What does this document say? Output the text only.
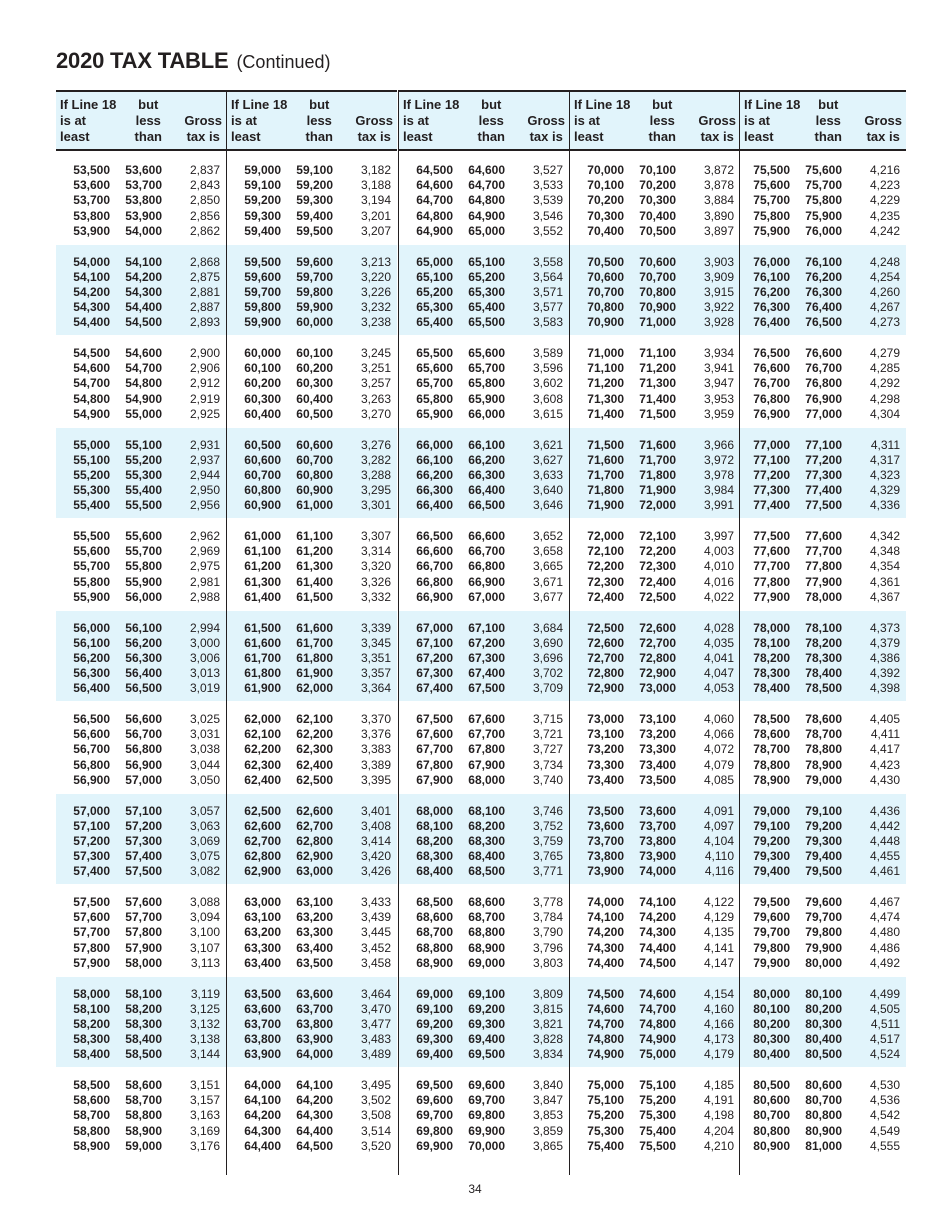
2020 TAX TABLE (Continued)
If Line 18
is at
least
but
less
than
Gross
tax is
53,500 53,600 2,837
53,600 53,700 2,843
53,700 53,800 2,850
53,800 53,900 2,856
53,900 54,000 2,862
54,000 54,100 2,868
54,100 54,200 2,875
54,200 54,300 2,881
54,300 54,400 2,887
54,400 54,500 2,893
54,500 54,600 2,900
54,600 54,700 2,906
54,700 54,800 2,912
54,800 54,900 2,919
54,900 55,000 2,925
55,000 55,100 2,931
55,100 55,200 2,937
55,200 55,300 2,944
55,300 55,400 2,950
55,400 55,500 2,956
55,500 55,600 2,962
55,600 55,700 2,969
55,700 55,800 2,975
55,800 55,900 2,981
55,900 56,000 2,988
56,000 56,100 2,994
56,100 56,200 3,000
56,200 56,300 3,006
56,300 56,400 3,013
56,400 56,500 3,019
56,500 56,600 3,025
56,600 56,700 3,031
56,700 56,800 3,038
56,800 56,900 3,044
56,900 57,000 3,050
57,000 57,100 3,057
57,100 57,200 3,063
57,200 57,300 3,069
57,300 57,400 3,075
57,400 57,500 3,082
57,500 57,600 3,088
57,600 57,700 3,094
57,700 57,800 3,100
57,800 57,900 3,107
57,900 58,000 3,113
58,000 58,100 3,119
58,100 58,200 3,125
58,200 58,300 3,132
58,300 58,400 3,138
58,400 58,500 3,144
58,500 58,600 3,151
58,600 58,700 3,157
58,700 58,800 3,163
58,800 58,900 3,169
58,900 59,000 3,176
If Line 18
is at
least
but
less
than
Gross
tax is
59,000 59,100 3,182
59,100 59,200 3,188
59,200 59,300 3,194
59,300 59,400 3,201
59,400 59,500 3,207
59,500 59,600 3,213
59,600 59,700 3,220
59,700 59,800 3,226
59,800 59,900 3,232
59,900 60,000 3,238
60,000 60,100 3,245
60,100 60,200 3,251
60,200 60,300 3,257
60,300 60,400 3,263
60,400 60,500 3,270
60,500 60,600 3,276
60,600 60,700 3,282
60,700 60,800 3,288
60,800 60,900 3,295
60,900 61,000 3,301
61,000 61,100 3,307
61,100 61,200 3,314
61,200 61,300 3,320
61,300 61,400 3,326
61,400 61,500 3,332
61,500 61,600 3,339
61,600 61,700 3,345
61,700 61,800 3,351
61,800 61,900 3,357
61,900 62,000 3,364
62,000 62,100 3,370
62,100 62,200 3,376
62,200 62,300 3,383
62,300 62,400 3,389
62,400 62,500 3,395
62,500 62,600 3,401
62,600 62,700 3,408
62,700 62,800 3,414
62,800 62,900 3,420
62,900 63,000 3,426
63,000 63,100 3,433
63,100 63,200 3,439
63,200 63,300 3,445
63,300 63,400 3,452
63,400 63,500 3,458
63,500 63,600 3,464
63,600 63,700 3,470
63,700 63,800 3,477
63,800 63,900 3,483
63,900 64,000 3,489
64,000 64,100 3,495
64,100 64,200 3,502
64,200 64,300 3,508
64,300 64,400 3,514
64,400 64,500 3,520
If Line 18
is at
least
but
less
than
Gross
tax is
64,500 64,600 3,527
64,600 64,700 3,533
64,700 64,800 3,539
64,800 64,900 3,546
64,900 65,000 3,552
65,000 65,100 3,558
65,100 65,200 3,564
65,200 65,300 3,571
65,300 65,400 3,577
65,400 65,500 3,583
65,500 65,600 3,589
65,600 65,700 3,596
65,700 65,800 3,602
65,800 65,900 3,608
65,900 66,000 3,615
66,000 66,100 3,621
66,100 66,200 3,627
66,200 66,300 3,633
66,300 66,400 3,640
66,400 66,500 3,646
66,500 66,600 3,652
66,600 66,700 3,658
66,700 66,800 3,665
66,800 66,900 3,671
66,900 67,000 3,677
67,000 67,100 3,684
67,100 67,200 3,690
67,200 67,300 3,696
67,300 67,400 3,702
67,400 67,500 3,709
67,500 67,600 3,715
67,600 67,700 3,721
67,700 67,800 3,727
67,800 67,900 3,734
67,900 68,000 3,740
68,000 68,100 3,746
68,100 68,200 3,752
68,200 68,300 3,759
68,300 68,400 3,765
68,400 68,500 3,771
68,500 68,600 3,778
68,600 68,700 3,784
68,700 68,800 3,790
68,800 68,900 3,796
68,900 69,000 3,803
69,000 69,100 3,809
69,100 69,200 3,815
69,200 69,300 3,821
69,300 69,400 3,828
69,400 69,500 3,834
69,500 69,600 3,840
69,600 69,700 3,847
69,700 69,800 3,853
69,800 69,900 3,859
69,900 70,000 3,865
If Line 18
is at
least
but
less
than
Gross
tax is
70,000 70,100 3,872
70,100 70,200 3,878
70,200 70,300 3,884
70,300 70,400 3,890
70,400 70,500 3,897
70,500 70,600 3,903
70,600 70,700 3,909
70,700 70,800 3,915
70,800 70,900 3,922
70,900 71,000 3,928
71,000 71,100 3,934
71,100 71,200 3,941
71,200 71,300 3,947
71,300 71,400 3,953
71,400 71,500 3,959
71,500 71,600 3,966
71,600 71,700 3,972
71,700 71,800 3,978
71,800 71,900 3,984
71,900 72,000 3,991
72,000 72,100 3,997
72,100 72,200 4,003
72,200 72,300 4,010
72,300 72,400 4,016
72,400 72,500 4,022
72,500 72,600 4,028
72,600 72,700 4,035
72,700 72,800 4,041
72,800 72,900 4,047
72,900 73,000 4,053
73,000 73,100 4,060
73,100 73,200 4,066
73,200 73,300 4,072
73,300 73,400 4,079
73,400 73,500 4,085
73,500 73,600 4,091
73,600 73,700 4,097
73,700 73,800 4,104
73,800 73,900 4,110
73,900 74,000 4,116
74,000 74,100 4,122
74,100 74,200 4,129
74,200 74,300 4,135
74,300 74,400 4,141
74,400 74,500 4,147
74,500 74,600 4,154
74,600 74,700 4,160
74,700 74,800 4,166
74,800 74,900 4,173
74,900 75,000 4,179
75,000 75,100 4,185
75,100 75,200 4,191
75,200 75,300 4,198
75,300 75,400 4,204
75,400 75,500 4,210
If Line 18
is at
least
but
less
than
Gross
tax is
75,500 75,600 4,216
75,600 75,700 4,223
75,700 75,800 4,229
75,800 75,900 4,235
75,900 76,000 4,242
76,000 76,100 4,248
76,100 76,200 4,254
76,200 76,300 4,260
76,300 76,400 4,267
76,400 76,500 4,273
76,500 76,600 4,279
76,600 76,700 4,285
76,700 76,800 4,292
76,800 76,900 4,298
76,900 77,000 4,304
77,000 77,100 4,311
77,100 77,200 4,317
77,200 77,300 4,323
77,300 77,400 4,329
77,400 77,500 4,336
77,500 77,600 4,342
77,600 77,700 4,348
77,700 77,800 4,354
77,800 77,900 4,361
77,900 78,000 4,367
78,000 78,100 4,373
78,100 78,200 4,379
78,200 78,300 4,386
78,300 78,400 4,392
78,400 78,500 4,398
78,500 78,600 4,405
78,600 78,700 4,411
78,700 78,800 4,417
78,800 78,900 4,423
78,900 79,000 4,430
79,000 79,100 4,436
79,100 79,200 4,442
79,200 79,300 4,448
79,300 79,400 4,455
79,400 79,500 4,461
79,500 79,600 4,467
79,600 79,700 4,474
79,700 79,800 4,480
79,800 79,900 4,486
79,900 80,000 4,492
80,000 80,100 4,499
80,100 80,200 4,505
80,200 80,300 4,511
80,300 80,400 4,517
80,400 80,500 4,524
80,500 80,600 4,530
80,600 80,700 4,536
80,700 80,800 4,542
80,800 80,900 4,549
80,900 81,000 4,555
34
